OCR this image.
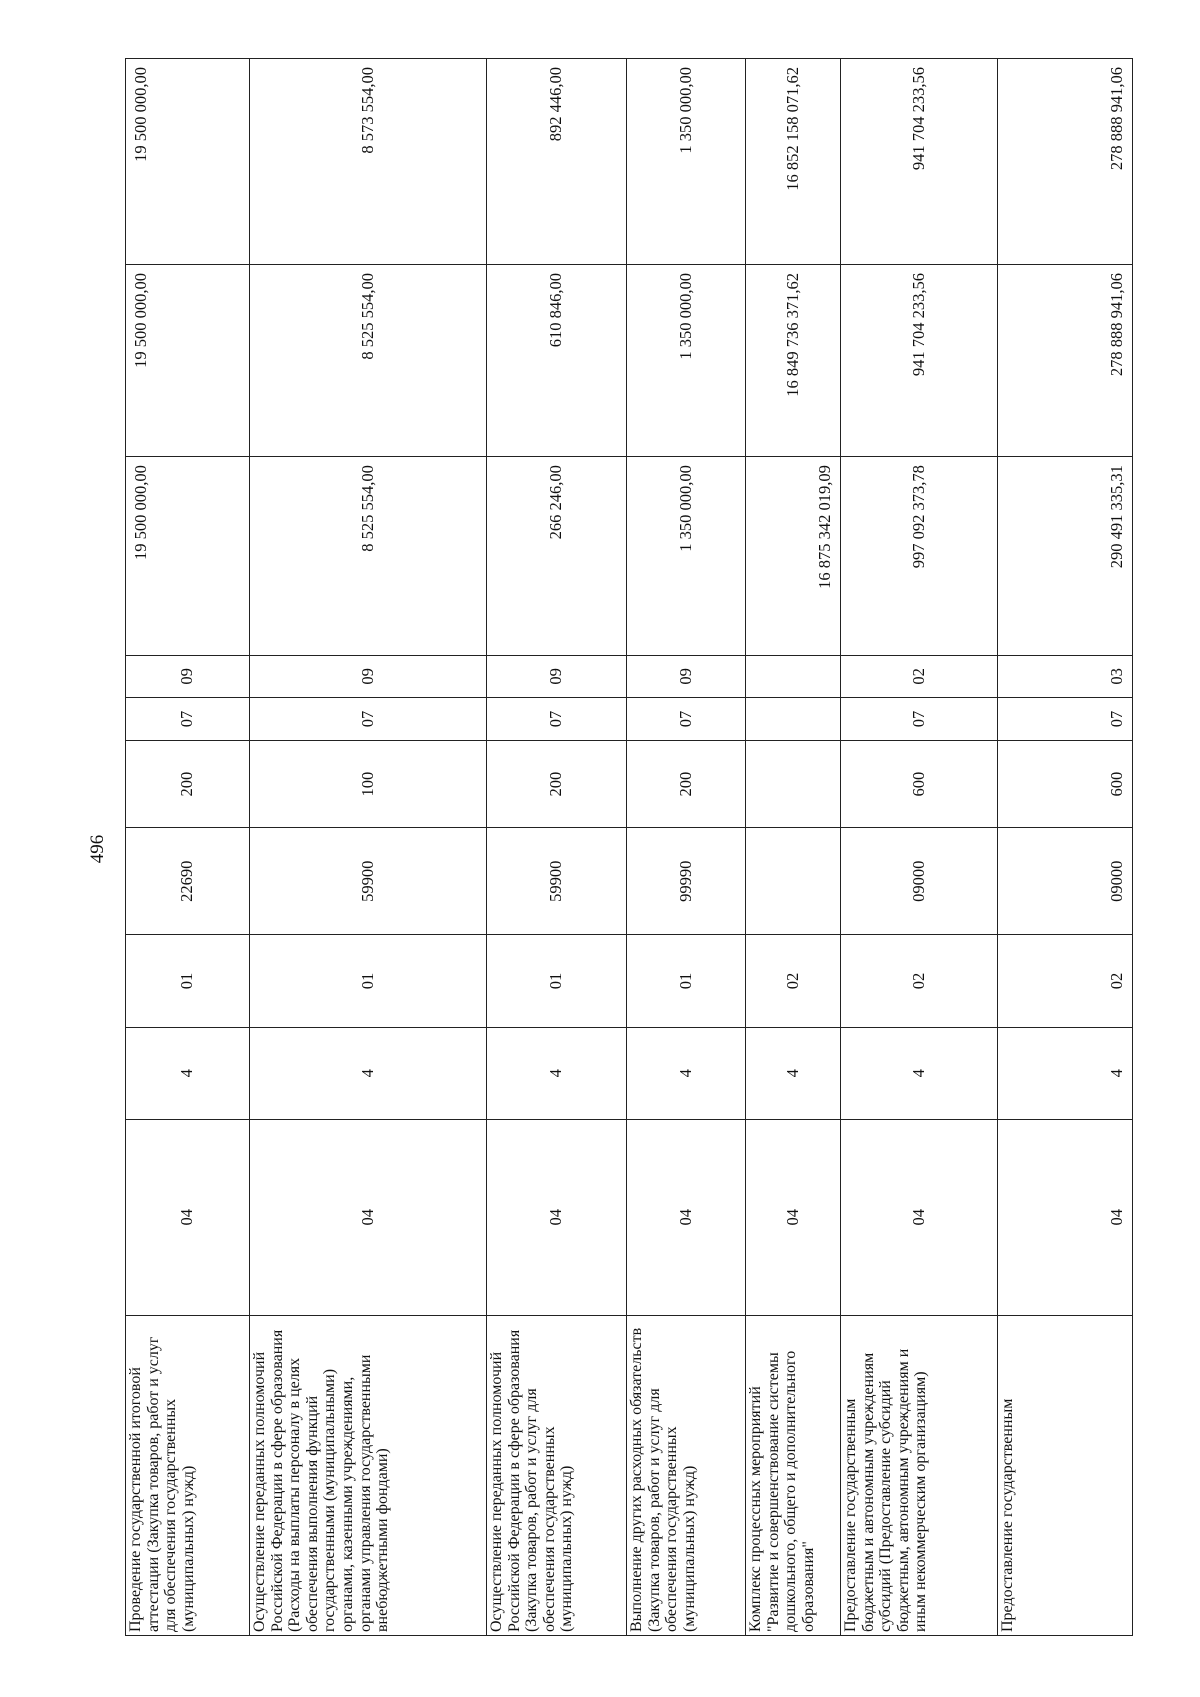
496
Проведение государственной итоговой аттестации (Закупка товаров, работ и услуг для обеспечения государственных (муниципальных) нужд)	04	4	01	22690	200	07	09	19 500 000,00	19 500 000,00	19 500 000,00
Осуществление переданных полномочий Российской Федерации в сфере образования (Расходы на выплаты персоналу в целях обеспечения выполнения функций государственными (муниципальными) органами, казенными учреждениями, органами управления государственными внебюджетными фондами)	04	4	01	59900	100	07	09	8 525 554,00	8 525 554,00	8 573 554,00
Осуществление переданных полномочий Российской Федерации в сфере образования (Закупка товаров, работ и услуг для обеспечения государственных (муниципальных) нужд)	04	4	01	59900	200	07	09	266 246,00	610 846,00	892 446,00
Выполнение других расходных обязательств (Закупка товаров, работ и услуг для обеспечения государственных (муниципальных) нужд)	04	4	01	99990	200	07	09	1 350 000,00	1 350 000,00	1 350 000,00
Комплекс процессных мероприятий "Развитие и совершенствование системы дошкольного, общего и дополнительного образования"	04	4	02					16 875 342 019,09	16 849 736 371,62	16 852 158 071,62
Предоставление государственным бюджетным и автономным учреждениям субсидий (Предоставление субсидий бюджетным, автономным учреждениям и иным некоммерческим организациям)	04	4	02	09000	600	07	02	997 092 373,78	941 704 233,56	941 704 233,56
Предоставление государственным	04	4	02	09000	600	07	03	290 491 335,31	278 888 941,06	278 888 941,06
